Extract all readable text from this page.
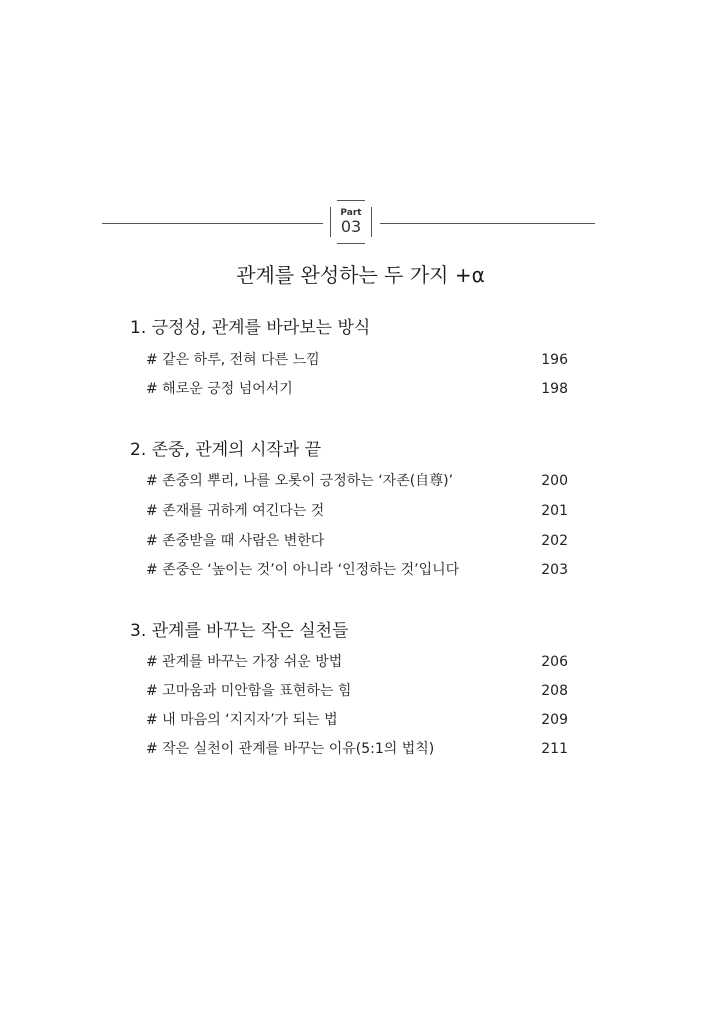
Part
03
관계를 완성하는 두 가지 +α
1. 긍정성, 관계를 바라보는 방식
# 같은 하루, 전혀 다른 느낌	196
# 해로운 긍정 넘어서기	198
2. 존중, 관계의 시작과 끝
# 존중의 뿌리, 나를 오롯이 긍정하는 ‘자존(自尊)’	200
# 존재를 귀하게 여긴다는 것	201
# 존중받을 때 사람은 변한다	202
# 존중은 ‘높이는 것’이 아니라 ‘인정하는 것’입니다	203
3. 관계를 바꾸는 작은 실천들
# 관계를 바꾸는 가장 쉬운 방법	206
# 고마움과 미안함을 표현하는 힘	208
# 내 마음의 ‘지지자’가 되는 법	209
# 작은 실천이 관계를 바꾸는 이유(5:1의 법칙)	211
